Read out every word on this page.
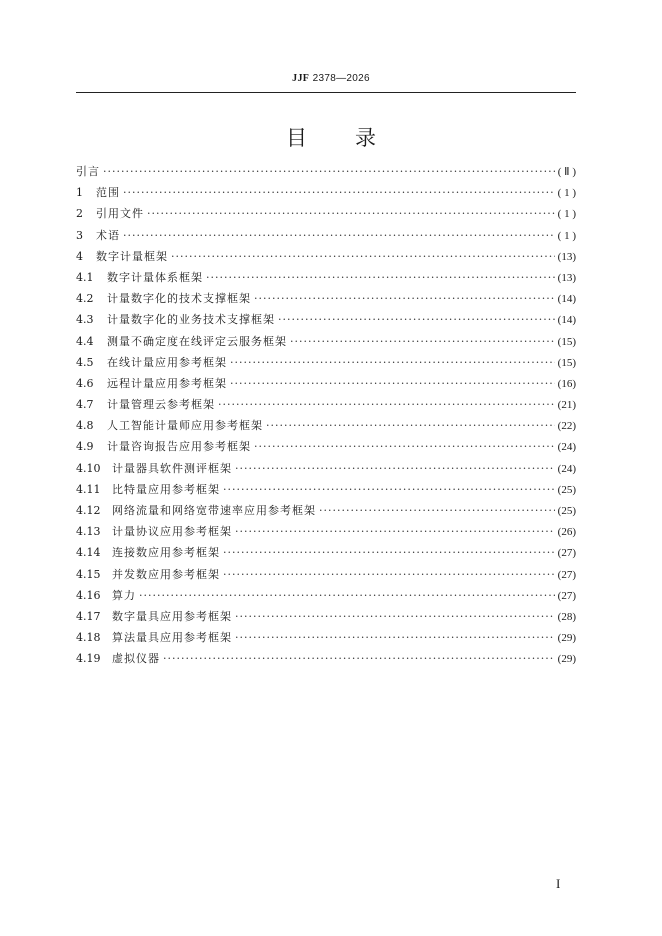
JJF 2378—2026
目录
引言 ·····	( Ⅱ )
1	范围 ·····	( 1 )
2	引用文件 ·····	( 1 )
3	术语 ·····	( 1 )
4	数字计量框架 ·····	(13)
4.1	数字计量体系框架 ·····	(13)
4.2	计量数字化的技术支撑框架 ·····	(14)
4.3	计量数字化的业务技术支撑框架 ·····	(14)
4.4	测量不确定度在线评定云服务框架 ·····	(15)
4.5	在线计量应用参考框架 ·····	(15)
4.6	远程计量应用参考框架 ·····	(16)
4.7	计量管理云参考框架 ·····	(21)
4.8	人工智能计量师应用参考框架 ·····	(22)
4.9	计量咨询报告应用参考框架 ·····	(24)
4.10	计量器具软件测评框架 ·····	(24)
4.11	比特量应用参考框架 ·····	(25)
4.12	网络流量和网络宽带速率应用参考框架 ·····	(25)
4.13	计量协议应用参考框架 ·····	(26)
4.14	连接数应用参考框架 ·····	(27)
4.15	并发数应用参考框架 ·····	(27)
4.16	算力 ·····	(27)
4.17	数字量具应用参考框架 ·····	(28)
4.18	算法量具应用参考框架 ·····	(29)
4.19	虚拟仪器 ·····	(29)
I
